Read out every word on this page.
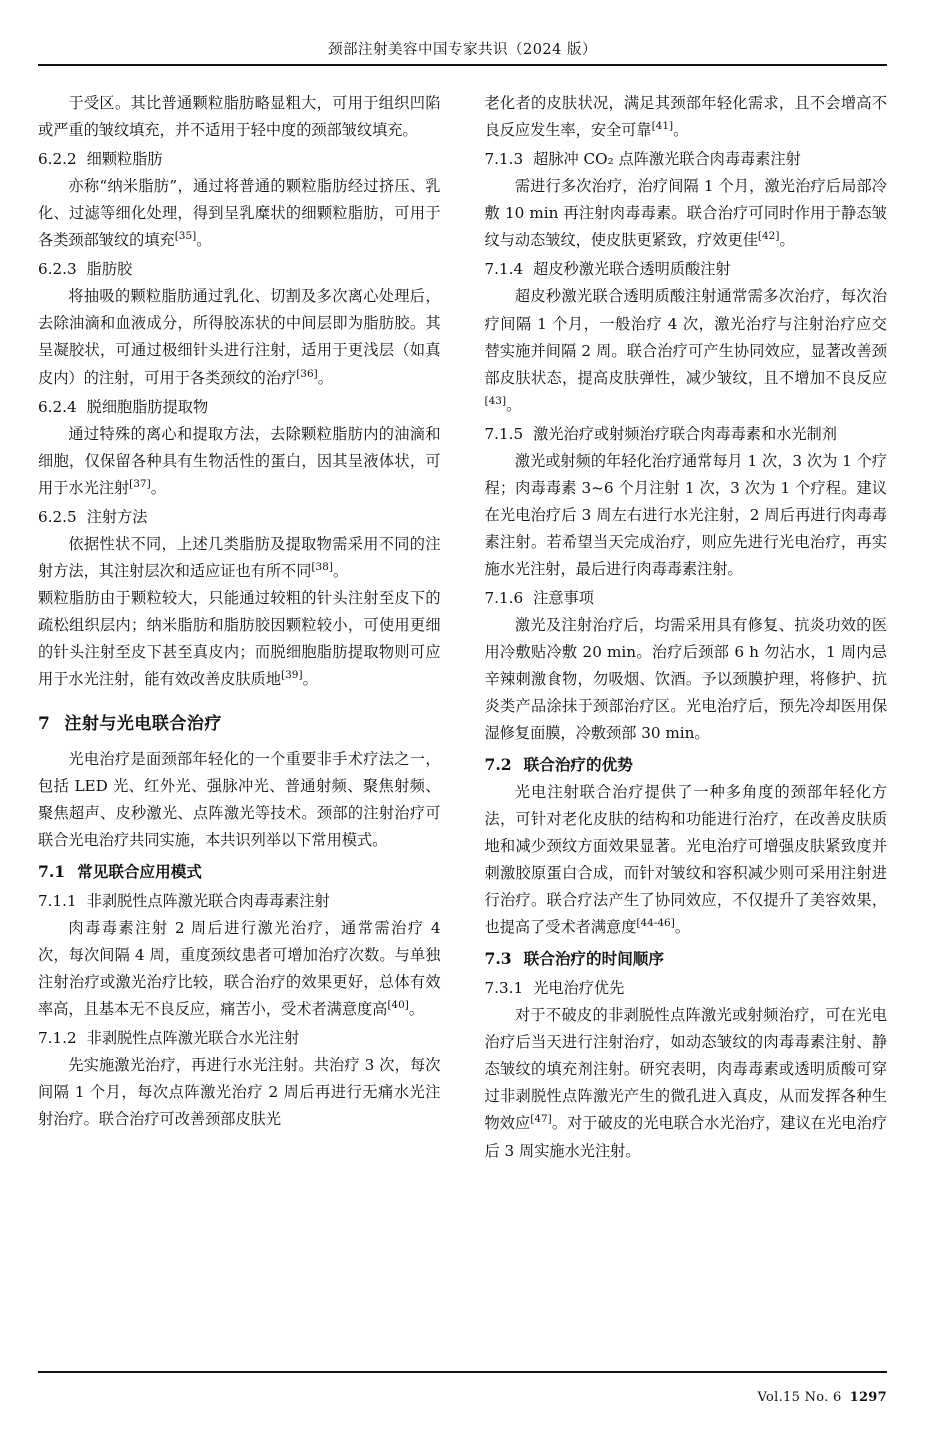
颈部注射美容中国专家共识（2024 版）

于受区。其比普通颗粒脂肪略显粗大，可用于组织凹陷或严重的皱纹填充，并不适用于轻中度的颈部皱纹填充。

6.2.2 细颗粒脂肪

亦称“纳米脂肪”，通过将普通的颗粒脂肪经过挤压、乳化、过滤等细化处理，得到呈乳糜状的细颗粒脂肪，可用于各类颈部皱纹的填充[35]。

6.2.3 脂肪胶

将抽吸的颗粒脂肪通过乳化、切割及多次离心处理后，去除油滴和血液成分，所得胶冻状的中间层即为脂肪胶。其呈凝胶状，可通过极细针头进行注射，适用于更浅层（如真皮内）的注射，可用于各类颈纹的治疗[36]。

6.2.4 脱细胞脂肪提取物

通过特殊的离心和提取方法，去除颗粒脂肪内的油滴和细胞，仅保留各种具有生物活性的蛋白，因其呈液体状，可用于水光注射[37]。

6.2.5 注射方法

依据性状不同，上述几类脂肪及提取物需采用不同的注射方法，其注射层次和适应证也有所不同[38]。

颗粒脂肪由于颗粒较大，只能通过较粗的针头注射至皮下的疏松组织层内；纳米脂肪和脂肪胶因颗粒较小，可使用更细的针头注射至皮下甚至真皮内；而脱细胞脂肪提取物则可应用于水光注射，能有效改善皮肤质地[39]。

7 注射与光电联合治疗

光电治疗是面颈部年轻化的一个重要非手术疗法之一，包括 LED 光、红外光、强脉冲光、普通射频、聚焦射频、聚焦超声、皮秒激光、点阵激光等技术。颈部的注射治疗可联合光电治疗共同实施，本共识列举以下常用模式。

7.1 常见联合应用模式

7.1.1 非剥脱性点阵激光联合肉毒毒素注射

肉毒毒素注射 2 周后进行激光治疗，通常需治疗 4 次，每次间隔 4 周，重度颈纹患者可增加治疗次数。与单独注射治疗或激光治疗比较，联合治疗的效果更好，总体有效率高，且基本无不良反应，痛苦小，受术者满意度高[40]。

7.1.2 非剥脱性点阵激光联合水光注射

先实施激光治疗，再进行水光注射。共治疗 3 次，每次间隔 1 个月，每次点阵激光治疗 2 周后再进行无痛水光注射治疗。联合治疗可改善颈部皮肤光

老化者的皮肤状况，满足其颈部年轻化需求，且不会增高不良反应发生率，安全可靠[41]。

7.1.3 超脉冲 CO₂ 点阵激光联合肉毒毒素注射

需进行多次治疗，治疗间隔 1 个月，激光治疗后局部冷敷 10 min 再注射肉毒毒素。联合治疗可同时作用于静态皱纹与动态皱纹，使皮肤更紧致，疗效更佳[42]。

7.1.4 超皮秒激光联合透明质酸注射

超皮秒激光联合透明质酸注射通常需多次治疗，每次治疗间隔 1 个月，一般治疗 4 次，激光治疗与注射治疗应交替实施并间隔 2 周。联合治疗可产生协同效应，显著改善颈部皮肤状态，提高皮肤弹性，减少皱纹，且不增加不良反应[43]。

7.1.5 激光治疗或射频治疗联合肉毒毒素和水光制剂

激光或射频的年轻化治疗通常每月 1 次，3 次为 1 个疗程；肉毒毒素 3~6 个月注射 1 次，3 次为 1 个疗程。建议在光电治疗后 3 周左右进行水光注射，2 周后再进行肉毒毒素注射。若希望当天完成治疗，则应先进行光电治疗，再实施水光注射，最后进行肉毒毒素注射。

7.1.6 注意事项

激光及注射治疗后，均需采用具有修复、抗炎功效的医用冷敷贴冷敷 20 min。治疗后颈部 6 h 勿沾水，1 周内忌辛辣刺激食物，勿吸烟、饮酒。予以颈膜护理，将修护、抗炎类产品涂抹于颈部治疗区。光电治疗后，预先冷却医用保湿修复面膜，冷敷颈部 30 min。

7.2 联合治疗的优势

光电注射联合治疗提供了一种多角度的颈部年轻化方法，可针对老化皮肤的结构和功能进行治疗，在改善皮肤质地和减少颈纹方面效果显著。光电治疗可增强皮肤紧致度并刺激胶原蛋白合成，而针对皱纹和容积减少则可采用注射进行治疗。联合疗法产生了协同效应，不仅提升了美容效果，也提高了受术者满意度[44-46]。

7.3 联合治疗的时间顺序

7.3.1 光电治疗优先

对于不破皮的非剥脱性点阵激光或射频治疗，可在光电治疗后当天进行注射治疗，如动态皱纹的肉毒毒素注射、静态皱纹的填充剂注射。研究表明，肉毒毒素或透明质酸可穿过非剥脱性点阵激光产生的微孔进入真皮，从而发挥各种生物效应[47]。对于破皮的光电联合水光治疗，建议在光电治疗后 3 周实施水光注射。

Vol.15 No. 6 1297
